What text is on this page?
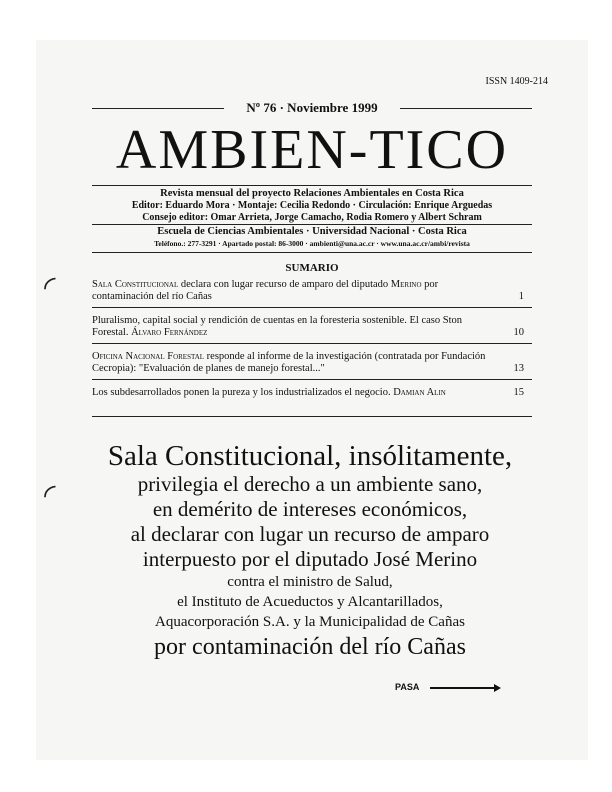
◜
◜
ISSN 1409-214
Nº 76 · Noviembre 1999
AMBIEN-TICO
Revista mensual del proyecto Relaciones Ambientales en Costa Rica
Editor: Eduardo Mora · Montaje: Cecilia Redondo · Circulación: Enrique Arguedas
Consejo editor: Omar Arrieta, Jorge Camacho, Rodia Romero y Albert Schram
Escuela de Ciencias Ambientales · Universidad Nacional · Costa Rica
Teléfono.: 277-3291 · Apartado postal: 86-3000 · ambienti@una.ac.cr · www.una.ac.cr/ambi/revista
SUMARIO
Sala Constitucional declara con lugar recurso de amparo del diputado Merino por contaminación del río Cañas	1
Pluralismo, capital social y rendición de cuentas en la foresteria sostenible. El caso Ston Forestal. Álvaro Fernández	10
Oficina Nacional Forestal responde al informe de la investigación (contratada por Fundación Cecropia): "Evaluación de planes de manejo forestal..."	13
Los subdesarrollados ponen la pureza y los industrializados el negocio. Damian Alin	15
Sala Constitucional, insólitamente,
privilegia el derecho a un ambiente sano,
en demérito de intereses económicos,
al declarar con lugar un recurso de amparo
interpuesto por el diputado José Merino
contra el ministro de Salud,
el Instituto de Acueductos y Alcantarillados,
Aquacorporación S.A. y la Municipalidad de Cañas
por contaminación del río Cañas
PASA
